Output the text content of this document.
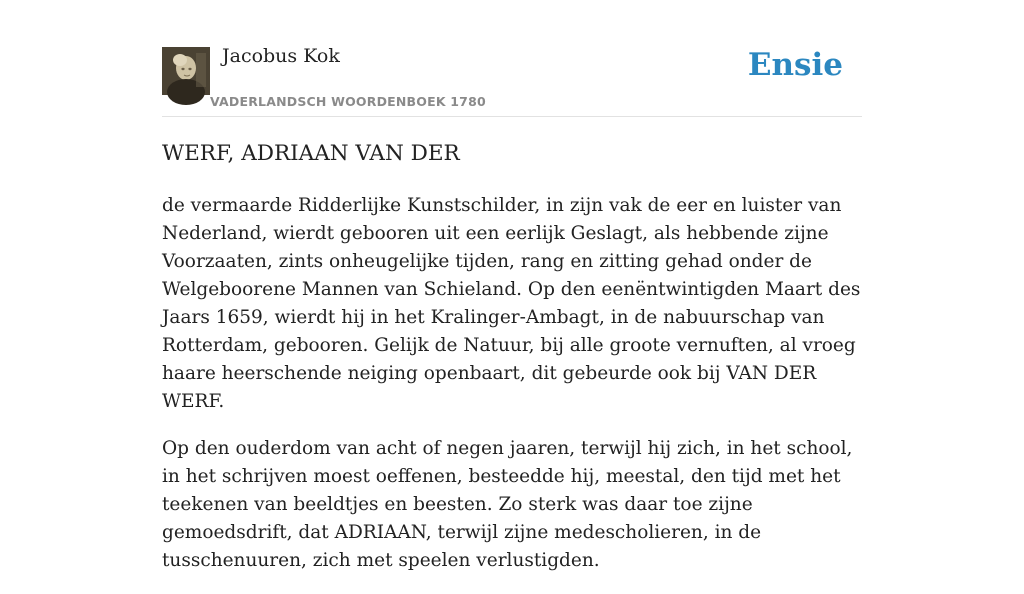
Jacobus Kok
VADERLANDSCH WOORDENBOEK 1780
Ensie
WERF, ADRIAAN VAN DER

de vermaarde Ridderlijke Kunstschilder, in zijn vak de eer en luister van Nederland, wierdt gebooren uit een eerlijk Geslagt, als hebbende zijne Voorzaaten, zints onheugelijke tijden, rang en zitting gehad onder de Welgeboorene Mannen van Schieland. Op den eenëntwintigden Maart des Jaars 1659, wierdt hij in het Kralinger-Ambagt, in de nabuurschap van Rotterdam, gebooren. Gelijk de Natuur, bij alle groote vernuften, al vroeg haare heerschende neiging openbaart, dit gebeurde ook bij VAN DER WERF.

Op den ouderdom van acht of negen jaaren, terwijl hij zich, in het school, in het schrijven moest oeffenen, besteedde hij, meestal, den tijd met het teekenen van beeldtjes en beesten. Zo sterk was daar toe zijne gemoedsdrift, dat ADRIAAN, terwijl zijne medescholieren, in de tusschenuuren, zich met speelen verlustigden.
